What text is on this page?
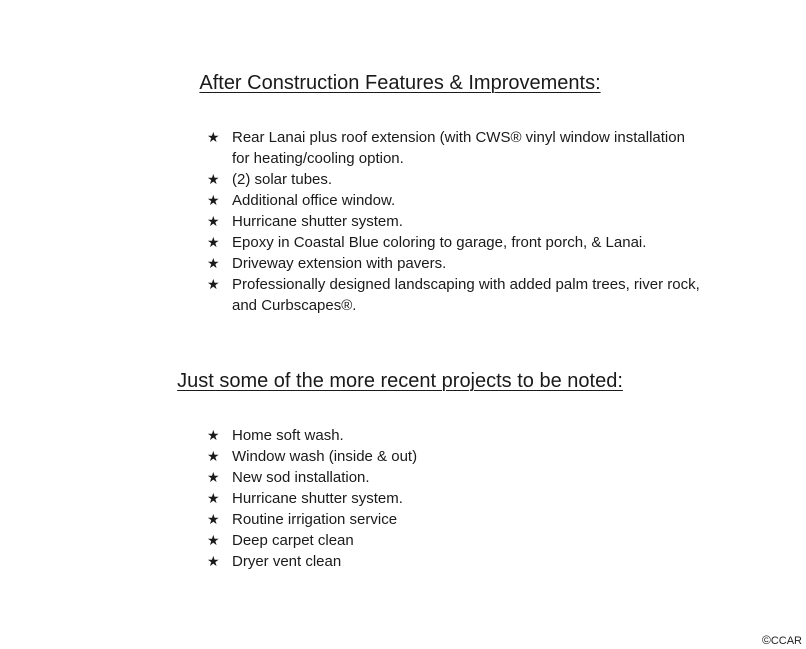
After Construction Features & Improvements:
★ Rear Lanai plus roof extension (with CWS® vinyl window installation for heating/cooling option.
★ (2) solar tubes.
★ Additional office window.
★ Hurricane shutter system.
★ Epoxy in Coastal Blue coloring to garage, front porch, & Lanai.
★ Driveway extension with pavers.
★ Professionally designed landscaping with added palm trees, river rock, and Curbscapes®.
Just some of the more recent projects to be noted:
★ Home soft wash.
★ Window wash (inside & out)
★ New sod installation.
★ Hurricane shutter system.
★ Routine irrigation service
★ Deep carpet clean
★ Dryer vent clean
©CCAR
